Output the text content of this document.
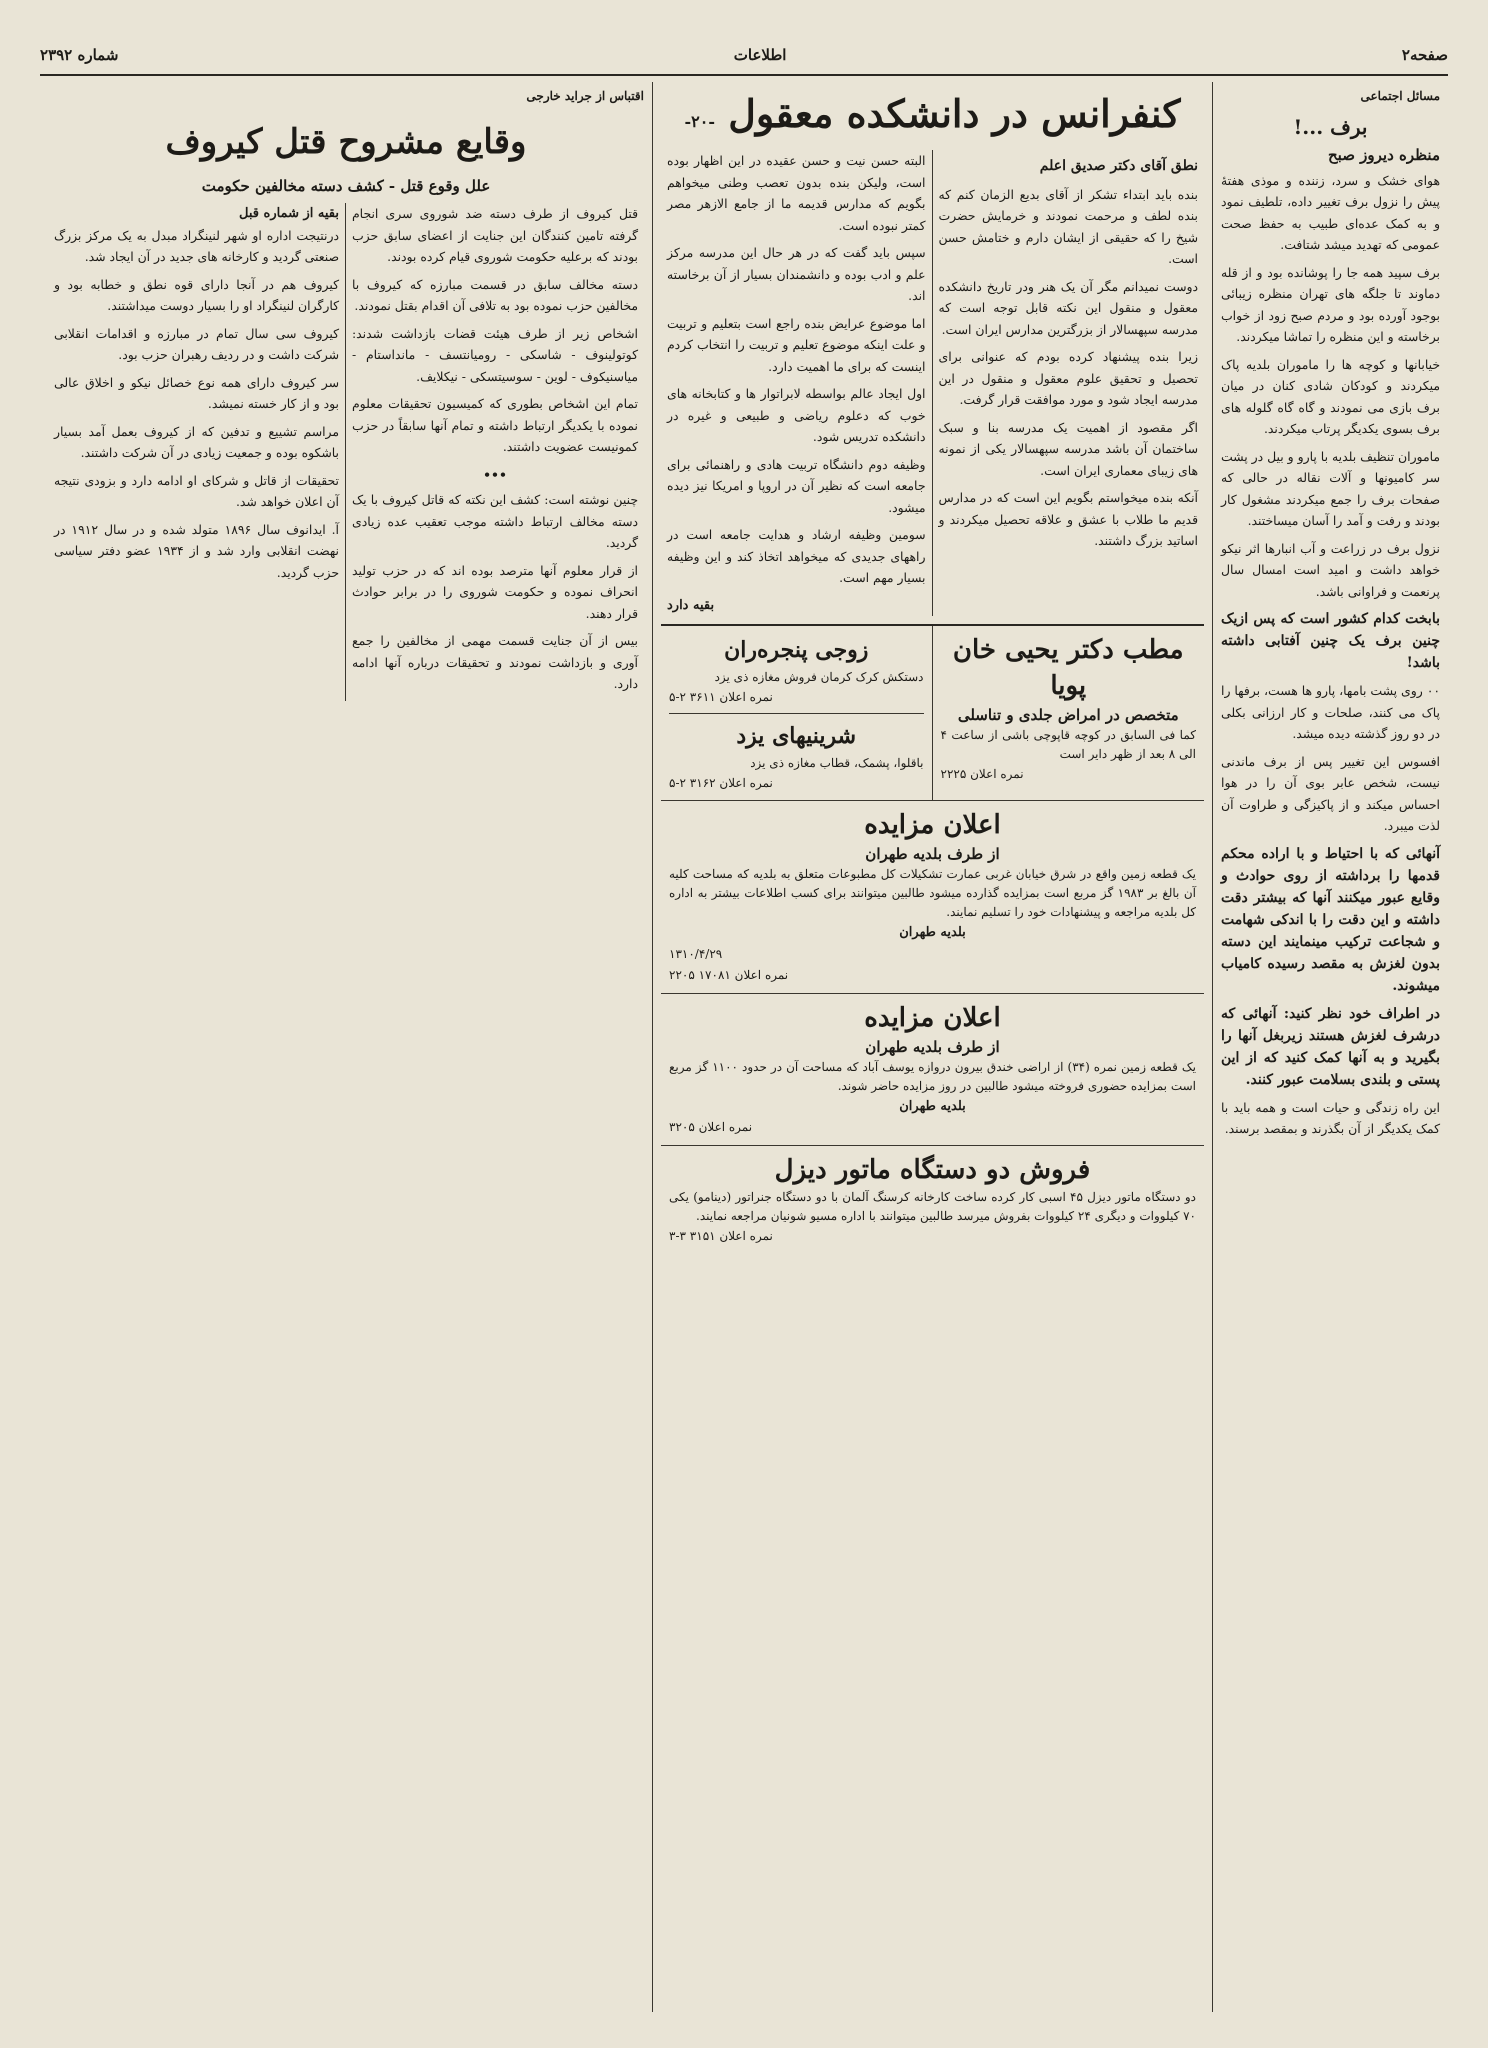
صفحه۲
اطلاعات
شماره ۲۳۹۲
مسائل اجتماعی
برف ...!
منظره دیروز صبح

هوای خشک و سرد، زننده و موذی هفتهٔ پیش را نزول برف تغییر داده، تلطیف نمود و به کمک عده‌ای طبیب به حفظ صحت عمومی که تهدید میشد شتافت.

برف سپید همه جا را پوشانده بود و از قله دماوند تا جلگه های تهران منظره زیبائی بوجود آورده بود و مردم صبح زود از خواب برخاسته و این منظره را تماشا میکردند.

خیابانها و کوچه ها را ماموران بلدیه پاک میکردند و کودکان شادی کنان در میان برف بازی می نمودند و گاه گاه گلوله های برف بسوی یکدیگر پرتاب میکردند.

ماموران تنظیف بلدیه با پارو و بیل در پشت سر کامیونها و آلات نقاله در حالی که صفحات برف را جمع میکردند مشغول کار بودند و رفت و آمد را آسان میساختند.

نزول برف در زراعت و آب انبارها اثر نیکو خواهد داشت و امید است امسال سال پرنعمت و فراوانی باشد.

بابخت کدام کشور است که پس ازیک چنین برف یک چنین آفتابی داشته باشد!

۰۰ روی پشت بامها، پارو ها هست، برفها را پاک می کنند، صلحات و کار ارزانی بکلی در دو روز گذشته دیده میشد.

افسوس این تغییر پس از برف ماندنی نیست، شخص عابر بوی آن را در هوا احساس میکند و از پاکیزگی و طراوت آن لذت میبرد.

آنهائی که با احتیاط و با اراده محکم قدمها را برداشته از روی حوادث و وقایع عبور میکنند آنها که بیشتر دقت داشته و این دقت را با اندکی شهامت و شجاعت ترکیب مینمایند این دسته بدون لغزش به مقصد رسیده کامیاب میشوند.

در اطراف خود نظر کنید: آنهائی که درشرف لغزش هستند زیربغل آنها را بگیرید و به آنها کمک کنید که از این پستی و بلندی بسلامت عبور کنند.

این راه زندگی و حیات است و همه باید با کمک یکدیگر از آن بگذرند و بمقصد برسند.

کنفرانس در دانشکده معقول -۲۰-
نطق آقای دکتر صدیق اعلم

بنده باید ابتداء تشکر از آقای بدیع الزمان کنم که بنده لطف و مرحمت نمودند و خرمایش حضرت شیخ را که حقیقی از ایشان دارم و ختامش حسن است.

دوست نمیدانم مگر آن یک هنر ودر تاریخ دانشکده معقول و منقول این نکته قابل توجه است که مدرسه سپهسالار از بزرگترین مدارس ایران است.

زیرا بنده پیشنهاد کرده بودم که عنوانی برای تحصیل و تحقیق علوم معقول و منقول در این مدرسه ایجاد شود و مورد موافقت قرار گرفت.

اگر مقصود از اهمیت یک مدرسه بنا و سبک ساختمان آن باشد مدرسه سپهسالار یکی از نمونه های زیبای معماری ایران است.

آنکه بنده میخواستم بگویم این است که در مدارس قدیم ما طلاب با عشق و علاقه تحصیل میکردند و اساتید بزرگ داشتند.

البته حسن نیت و حسن عقیده در این اظهار بوده است، ولیکن بنده بدون تعصب وطنی میخواهم بگویم که مدارس قدیمه ما از جامع الازهر مصر کمتر نبوده است.

سپس باید گفت که در هر حال این مدرسه مرکز علم و ادب بوده و دانشمندان بسیار از آن برخاسته اند.

اما موضوع عرایض بنده راجع است بتعلیم و تربیت و علت اینکه موضوع تعلیم و تربیت را انتخاب کردم اینست که برای ما اهمیت دارد.

اول ایجاد عالم بواسطه لابراتوار ها و کتابخانه های خوب که دعلوم ریاضی و طبیعی و غیره در دانشکده تدریس شود.

وظیفه دوم دانشگاه تربیت هادی و راهنمائی برای جامعه است که نظیر آن در اروپا و امریکا نیز دیده میشود.

سومین وظیفه ارشاد و هدایت جامعه است در راههای جدیدی که میخواهد اتخاذ کند و این وظیفه بسیار مهم است.

بقیه دارد
مطب دکتر یحیی خان پویا
متخصص در امراض جلدی و تناسلی
کما فی السابق در کوچه قاپوچی باشی از ساعت ۴ الی ۸ بعد از ظهر دایر است
نمره اعلان ۲۲۲۵
زوجی پنجره‌ران
دستکش کرک کرمان فروش مغازه ذی یزد
نمره اعلان ۳۶۱۱ ۲-۵
شرینیهای یزد
باقلوا، پشمک، قطاب مغازه ذی یزد
نمره اعلان ۳۱۶۲ ۲-۵
اعلان مزایده
از طرف بلدیه طهران
یک قطعه زمین واقع در شرق خیابان غربی عمارت تشکیلات کل مطبوعات متعلق به بلدیه که مساحت کلیه آن بالغ بر ۱۹۸۳ گز مربع است بمزایده گذارده میشود طالبین میتوانند برای کسب اطلاعات بیشتر به اداره کل بلدیه مراجعه و پیشنهادات خود را تسلیم نمایند.
بلدیه طهران
۱۳۱۰/۴/۲۹
نمره اعلان ۱۷۰۸۱ ۲۲۰۵
اعلان مزایده
از طرف بلدیه طهران
یک قطعه زمین نمره (۳۴) از اراضی خندق بیرون دروازه یوسف آباد که مساحت آن در حدود ۱۱۰۰ گز مربع است بمزایده حضوری فروخته میشود طالبین در روز مزایده حاضر شوند.
بلدیه طهران
نمره اعلان ۳۲۰۵
فروش دو دستگاه ماتور دیزل
دو دستگاه ماتور دیزل ۴۵ اسبی کار کرده ساخت کارخانه کرسنگ آلمان با دو دستگاه جنراتور (دینامو) یکی ۷۰ کیلووات و دیگری ۲۴ کیلووات بفروش میرسد طالبین میتوانند با اداره مسیو شونیان مراجعه نمایند.
نمره اعلان ۳۱۵۱ ۳-۳
اقتباس از جراید خارجی
وقایع مشروح قتل کیروف
علل وقوع قتل - کشف دسته مخالفین حکومت

قتل کیروف از طرف دسته ضد شوروی سری انجام گرفته تامین کنندگان این جنایت از اعضای سابق حزب بودند که برعلیه حکومت شوروی قیام کرده بودند.

دسته مخالف سابق در قسمت مبارزه که کیروف با مخالفین حزب نموده بود به تلافی آن اقدام بقتل نمودند.

اشخاص زیر از طرف هیئت قضات بازداشت شدند: کوتولینوف - شاسکی - رومیانتسف - مانداستام - میاسنیکوف - لوین - سوسیتسکی - نیکلایف.

تمام این اشخاص بطوری که کمیسیون تحقیقات معلوم نموده با یکدیگر ارتباط داشته و تمام آنها سابقاً در حزب کمونیست عضویت داشتند.

•••

چنین نوشته است: کشف این نکته که قاتل کیروف با یک دسته مخالف ارتباط داشته موجب تعقیب عده زیادی گردید.

از قرار معلوم آنها مترصد بوده اند که در حزب تولید انحراف نموده و حکومت شوروی را در برابر حوادث قرار دهند.

بیس از آن جنایت قسمت مهمی از مخالفین را جمع آوری و بازداشت نمودند و تحقیقات درباره آنها ادامه دارد.

بقیه از شماره قبل

درنتیجت اداره او شهر لنینگراد مبدل به یک مرکز بزرگ صنعتی گردید و کارخانه های جدید در آن ایجاد شد.

کیروف هم در آنجا دارای قوه نطق و خطابه بود و کارگران لنینگراد او را بسیار دوست میداشتند.

کیروف سی سال تمام در مبارزه و اقدامات انقلابی شرکت داشت و در ردیف رهبران حزب بود.

سر کیروف دارای همه نوع خصائل نیکو و اخلاق عالی بود و از کار خسته نمیشد.

مراسم تشییع و تدفین که از کیروف بعمل آمد بسیار باشکوه بوده و جمعیت زیادی در آن شرکت داشتند.

تحقیقات از قاتل و شرکای او ادامه دارد و بزودی نتیجه آن اعلان خواهد شد.

آ. ایدانوف سال ۱۸۹۶ متولد شده و در سال ۱۹۱۲ در نهضت انقلابی وارد شد و از ۱۹۳۴ عضو دفتر سیاسی حزب گردید.
